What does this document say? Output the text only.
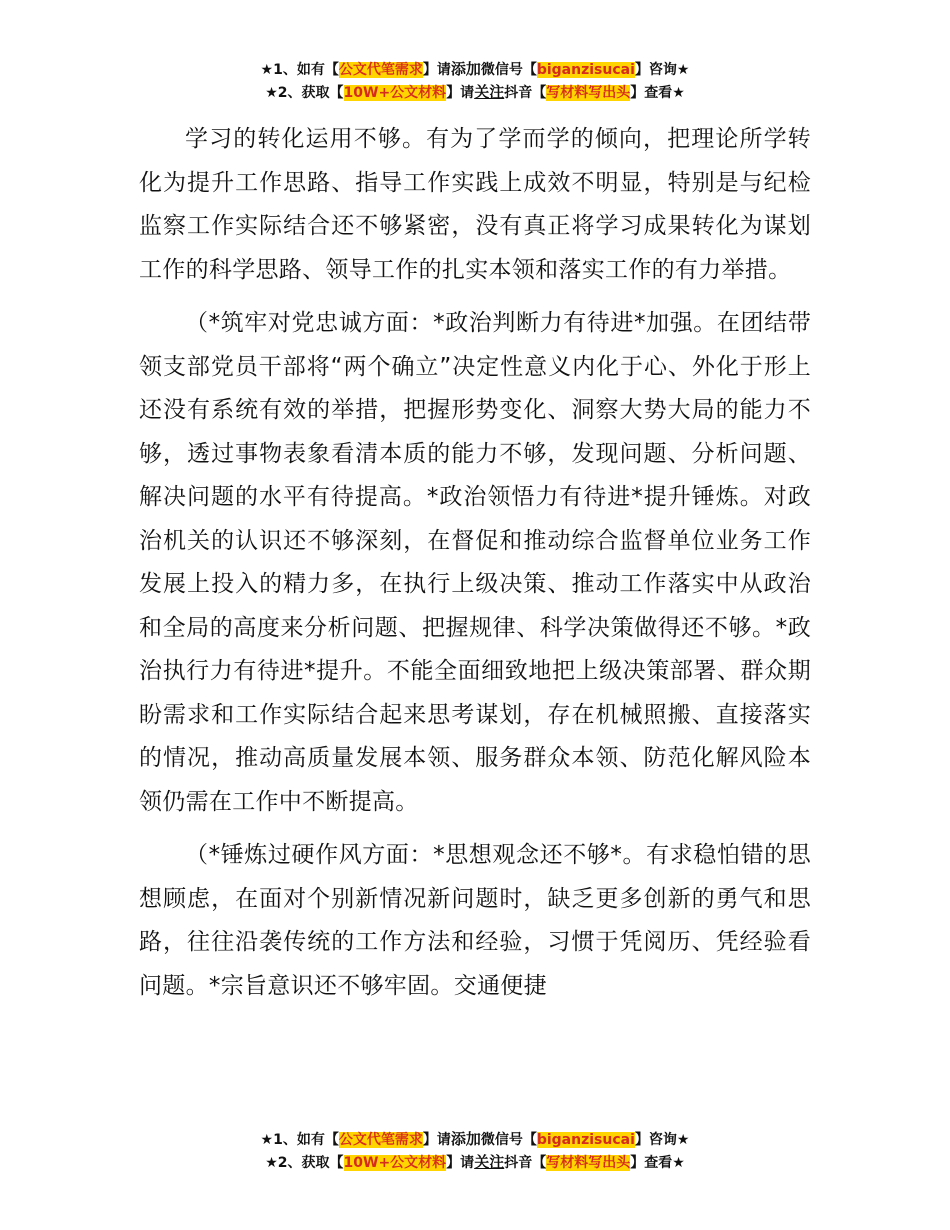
★1、如有【公文代笔需求】请添加微信号【biganzisucai】咨询★
★2、获取【10W+公文材料】请关注抖音【写材料写出头】查看★

学习的转化运用不够。有为了学而学的倾向，把理论所学转化为提升工作思路、指导工作实践上成效不明显，特别是与纪检监察工作实际结合还不够紧密，没有真正将学习成果转化为谋划工作的科学思路、领导工作的扎实本领和落实工作的有力举措。

（*筑牢对党忠诚方面：*政治判断力有待进*加强。在团结带领支部党员干部将“两个确立”决定性意义内化于心、外化于形上还没有系统有效的举措，把握形势变化、洞察大势大局的能力不够，透过事物表象看清本质的能力不够，发现问题、分析问题、解决问题的水平有待提高。*政治领悟力有待进*提升锤炼。对政治机关的认识还不够深刻，在督促和推动综合监督单位业务工作发展上投入的精力多，在执行上级决策、推动工作落实中从政治和全局的高度来分析问题、把握规律、科学决策做得还不够。*政治执行力有待进*提升。不能全面细致地把上级决策部署、群众期盼需求和工作实际结合起来思考谋划，存在机械照搬、直接落实的情况，推动高质量发展本领、服务群众本领、防范化解风险本领仍需在工作中不断提高。

（*锤炼过硬作风方面：*思想观念还不够*。有求稳怕错的思想顾虑，在面对个别新情况新问题时，缺乏更多创新的勇气和思路，往往沿袭传统的工作方法和经验，习惯于凭阅历、凭经验看问题。*宗旨意识还不够牢固。交通便捷

★1、如有【公文代笔需求】请添加微信号【biganzisucai】咨询★
★2、获取【10W+公文材料】请关注抖音【写材料写出头】查看★
